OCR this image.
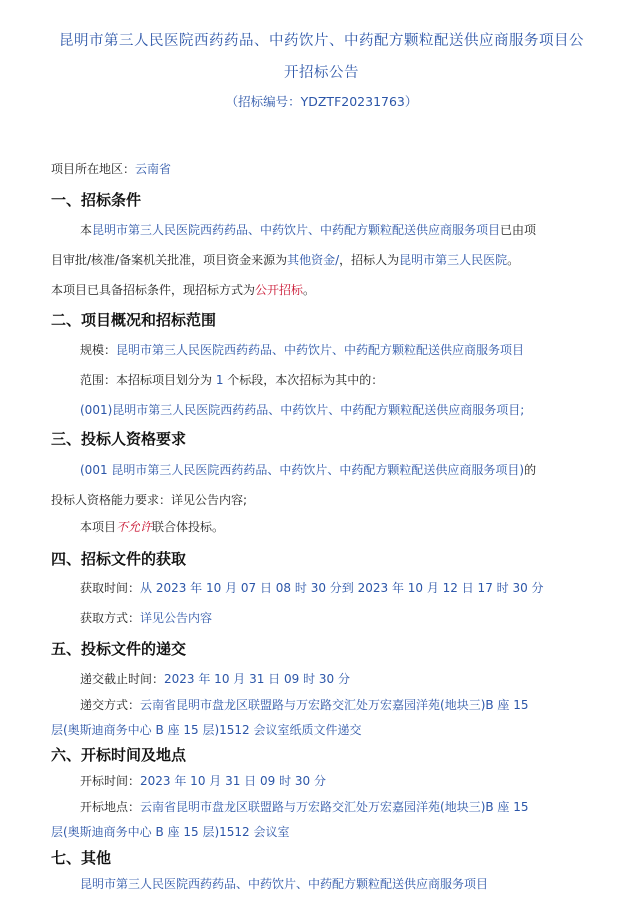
昆明市第三人民医院西药药品、中药饮片、中药配方颗粒配送供应商服务项目公
开招标公告
（招标编号：YDZTF20231763）
项目所在地区：云南省
一、招标条件
本昆明市第三人民医院西药药品、中药饮片、中药配方颗粒配送供应商服务项目已由项
目审批/核准/备案机关批准，项目资金来源为其他资金/，招标人为昆明市第三人民医院。
本项目已具备招标条件，现招标方式为公开招标。
二、项目概况和招标范围
规模：昆明市第三人民医院西药药品、中药饮片、中药配方颗粒配送供应商服务项目
范围：本招标项目划分为 1 个标段，本次招标为其中的：
(001)昆明市第三人民医院西药药品、中药饮片、中药配方颗粒配送供应商服务项目;
三、投标人资格要求
(001 昆明市第三人民医院西药药品、中药饮片、中药配方颗粒配送供应商服务项目)的
投标人资格能力要求：详见公告内容;
本项目不允许联合体投标。
四、招标文件的获取
获取时间：从 2023 年 10 月 07 日 08 时 30 分到 2023 年 10 月 12 日 17 时 30 分
获取方式：详见公告内容
五、投标文件的递交
递交截止时间：2023 年 10 月 31 日 09 时 30 分
递交方式：云南省昆明市盘龙区联盟路与万宏路交汇处万宏嘉园洋苑(地块三)B 座 15
层(奥斯迪商务中心 B 座 15 层)1512 会议室纸质文件递交
六、开标时间及地点
开标时间：2023 年 10 月 31 日 09 时 30 分
开标地点：云南省昆明市盘龙区联盟路与万宏路交汇处万宏嘉园洋苑(地块三)B 座 15
层(奥斯迪商务中心 B 座 15 层)1512 会议室
七、其他
昆明市第三人民医院西药药品、中药饮片、中药配方颗粒配送供应商服务项目
